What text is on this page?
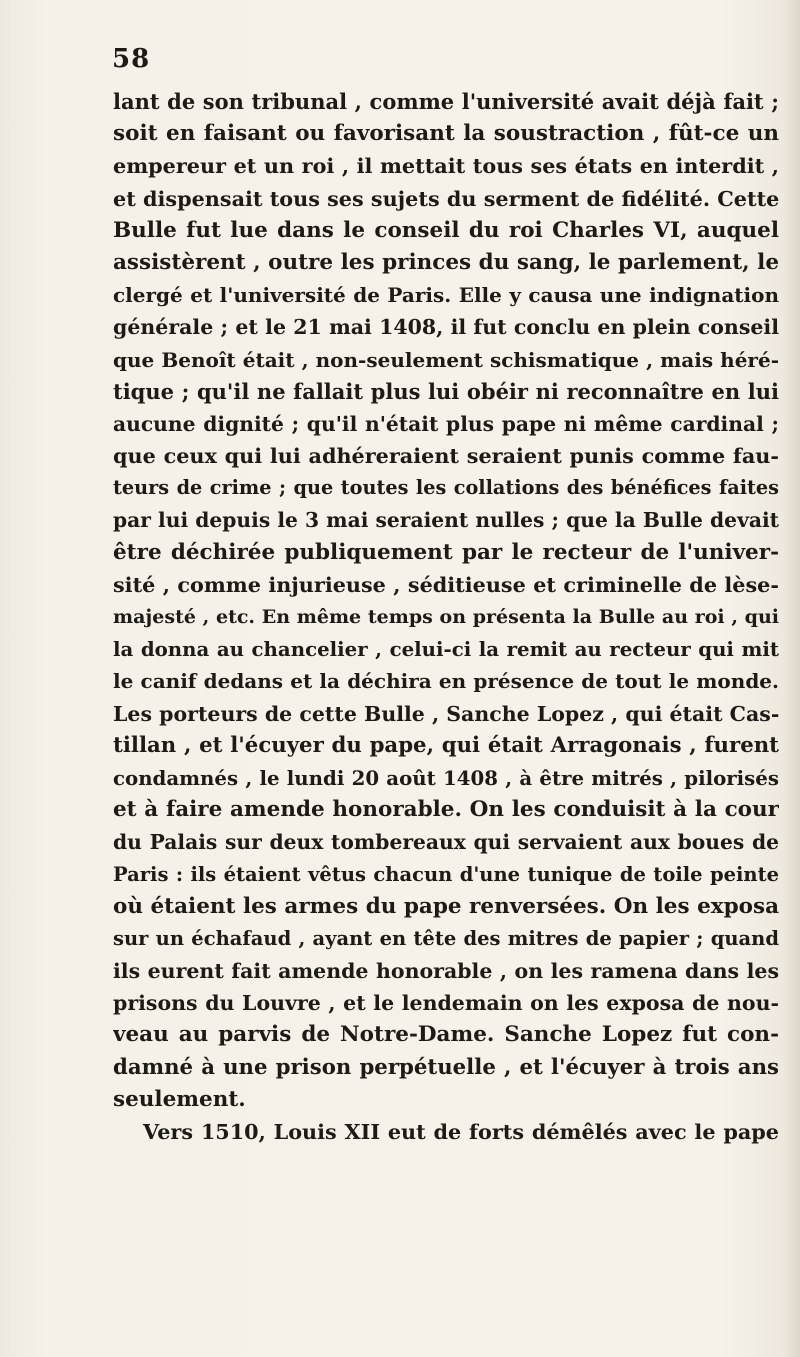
58
lant de son tribunal , comme l'université avait déjà fait ;
soit en faisant ou favorisant la soustraction , fût-ce un
empereur et un roi , il mettait tous ses états en interdit ,
et dispensait tous ses sujets du serment de fidélité. Cette
Bulle fut lue dans le conseil du roi Charles VI, auquel
assistèrent , outre les princes du sang, le parlement, le
clergé et l'université de Paris. Elle y causa une indignation
générale ; et le 21 mai 1408, il fut conclu en plein conseil
que Benoît était , non-seulement schismatique , mais héré-
tique ; qu'il ne fallait plus lui obéir ni reconnaître en lui
aucune dignité ; qu'il n'était plus pape ni même cardinal ;
que ceux qui lui adhéreraient seraient punis comme fau-
teurs de crime ; que toutes les collations des bénéfices faites
par lui depuis le 3 mai seraient nulles ; que la Bulle devait
être déchirée publiquement par le recteur de l'univer-
sité , comme injurieuse , séditieuse et criminelle de lèse-
majesté , etc. En même temps on présenta la Bulle au roi , qui
la donna au chancelier , celui-ci la remit au recteur qui mit
le canif dedans et la déchira en présence de tout le monde.
Les porteurs de cette Bulle , Sanche Lopez , qui était Cas-
tillan , et l'écuyer du pape, qui était Arragonais , furent
condamnés , le lundi 20 août 1408 , à être mitrés , pilorisés
et à faire amende honorable. On les conduisit à la cour
du Palais sur deux tombereaux qui servaient aux boues de
Paris : ils étaient vêtus chacun d'une tunique de toile peinte
où étaient les armes du pape renversées. On les exposa
sur un échafaud , ayant en tête des mitres de papier ; quand
ils eurent fait amende honorable , on les ramena dans les
prisons du Louvre , et le lendemain on les exposa de nou-
veau au parvis de Notre-Dame. Sanche Lopez fut con-
damné à une prison perpétuelle , et l'écuyer à trois ans
seulement.
Vers 1510, Louis XII eut de forts démêlés avec le pape
